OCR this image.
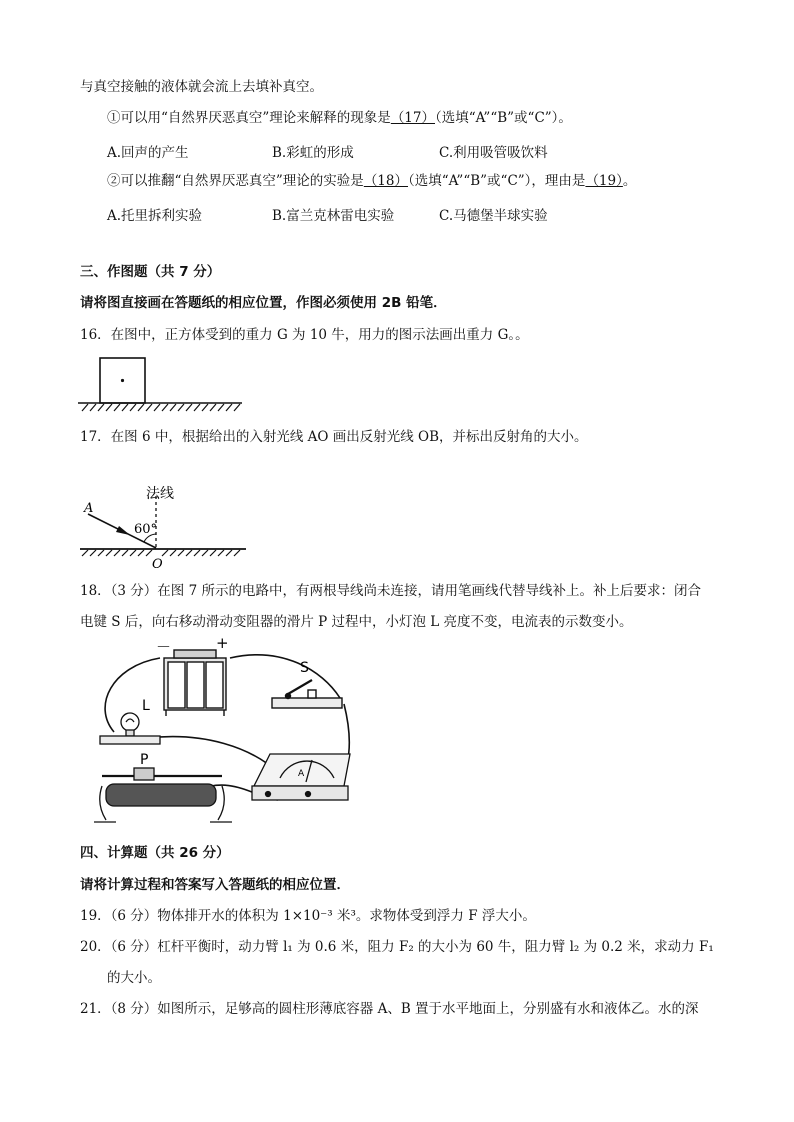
与真空接触的液体就会流上去填补真空。
①可以用“自然界厌恶真空”理论来解释的现象是（17）（选填“A”“B”或“C”）。
A.回声的产生	B.彩虹的形成	C.利用吸管吸饮料
②可以推翻“自然界厌恶真空”理论的实验是（18）（选填“A”“B”或“C”），理由是（19）。
A.托里拆利实验	B.富兰克林雷电实验	C.马德堡半球实验
三、作图题（共 7 分）
请将图直接画在答题纸的相应位置，作图必须使用 2B 铅笔．
16．在图中，正方体受到的重力 G 为 10 牛，用力的图示法画出重力 G。。
17．在图 6 中，根据给出的入射光线 AO 画出反射光线 OB，并标出反射角的大小。
法线
A
60°
O
18．（3 分）在图 7 所示的电路中，有两根导线尚未连接，请用笔画线代替导线补上。补上后要求：闭合
电键 S 后，向右移动滑动变阻器的滑片 P 过程中，小灯泡 L 亮度不变，电流表的示数变小。
－	+
S
L
A
P
四、计算题（共 26 分）
请将计算过程和答案写入答题纸的相应位置．
19．（6 分）物体排开水的体积为 1×10⁻³ 米³。求物体受到浮力 F 浮大小。
20．（6 分）杠杆平衡时，动力臂 l₁ 为 0.6 米，阻力 F₂ 的大小为 60 牛，阻力臂 l₂ 为 0.2 米，求动力 F₁
的大小。
21．（8 分）如图所示，足够高的圆柱形薄底容器 A、B 置于水平地面上，分别盛有水和液体乙。水的深
